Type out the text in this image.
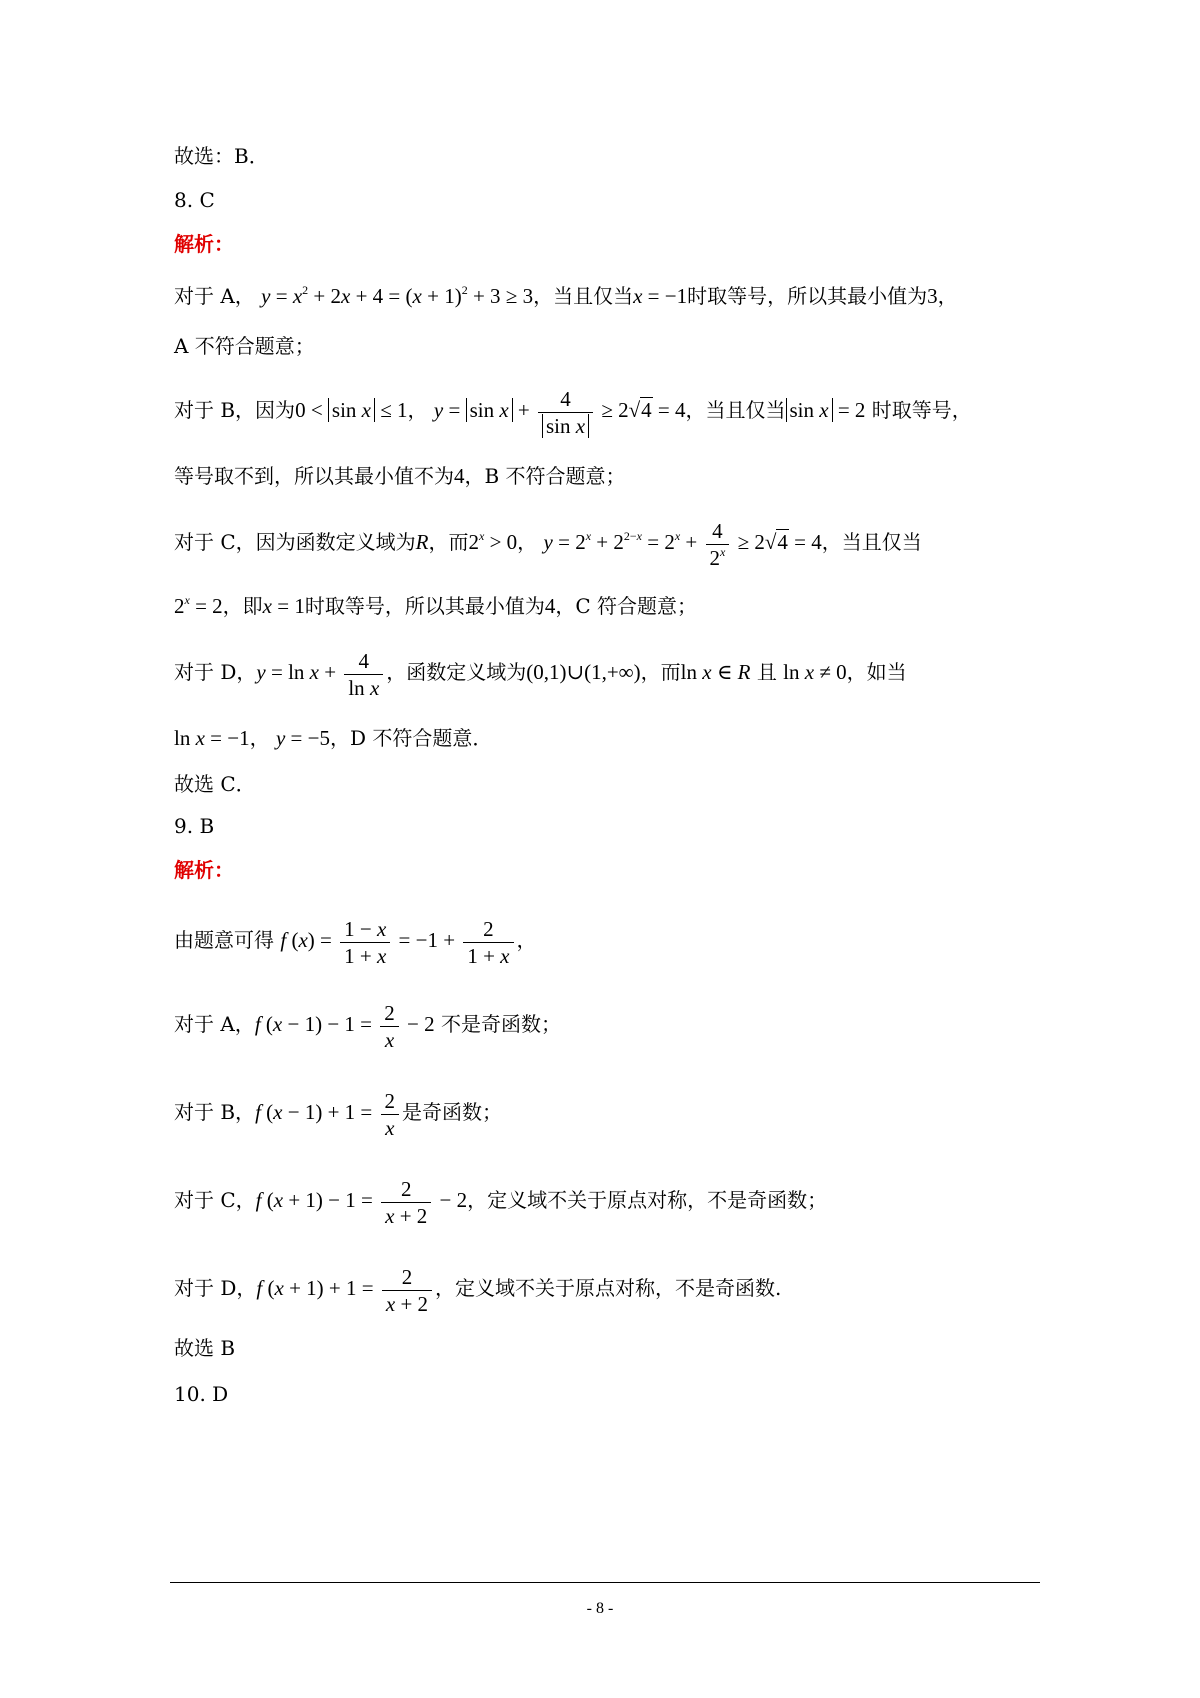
故选：B．
8. C
解析：
对于 A， $y = x^2 + 2x + 4 = (x + 1)^2 + 3 \ge 3$，当且仅当x = −1时取等号，所以其最小值为3，
A 不符合题意；
对于 B，因为0 < sin x ≤ 1， $y = \sin x + \frac{4}{\text{sin x}} \ge 2√4 = 4$，当且仅当 sin x = 2 时取等号，
等号取不到，所以其最小值不为4，B 不符合题意；
对于 C，因为函数定义域为R，而$2^x > 0$， $y = 2^x + 2^{2-x} = 2^x + \frac{4}{2^x} \ge 2√4 = 4$，当且仅当
$2^x = 2$，即x = 1时取等号，所以其最小值为4，C 符合题意；
对于 D，$y = \ln x + \frac{4}{\text{ln x}}$ ，函数定义域为(0,1)∪(1,+∞)，而ln x ∈ R 且 ln x ≠ 0，如当
ln x = −1， y = −5，D 不符合题意．
故选 C．
9. B
解析：
由题意可得 f $(x) = \frac{1 - x}{1 + x} = -1 + \frac{2}{1 + x}$ ，
对于 A，f $(x - 1) - 1 = \frac{2}{x} - 2$ 不是奇函数；
对于 B，f $(x - 1) + 1 = \frac{2}{x}$ 是奇函数；
对于 C，f $(x + 1) - 1 = \frac{2}{x + 2} - 2$，定义域不关于原点对称，不是奇函数；
对于 D，f $(x + 1) + 1 = \frac{2}{x + 2}$ ，定义域不关于原点对称，不是奇函数.
故选 B
10. D
- 8 -
